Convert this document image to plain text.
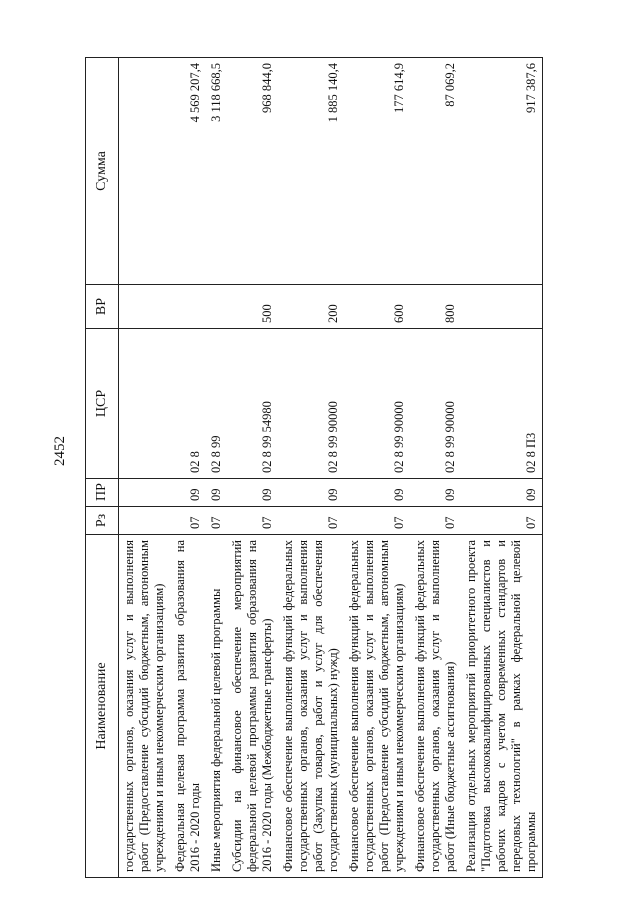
2452
Наименование	Рз	ПР	ЦСР	ВР	Сумма
государственных органов, оказания услуг и выполнения работ (Предоставление субсидий бюджетным, автономным учреждениям и иным некоммерческим организациям)					
Федеральная целевая программа развития образования на 2016 - 2020 годы	07	09	02 8		4 569 207,4
Иные мероприятия федеральной целевой программы	07	09	02 8 99		3 118 668,5
Субсидии на финансовое обеспечение мероприятий федеральной целевой программы развития образования на 2016 - 2020 годы (Межбюджетные трансферты)	07	09	02 8 99 54980	500	968 844,0
Финансовое обеспечение выполнения функций федеральных государственных органов, оказания услуг и выполнения работ (Закупка товаров, работ и услуг для обеспечения государственных (муниципальных) нужд)	07	09	02 8 99 90000	200	1 885 140,4
Финансовое обеспечение выполнения функций федеральных государственных органов, оказания услуг и выполнения работ (Предоставление субсидий бюджетным, автономным учреждениям и иным некоммерческим организациям)	07	09	02 8 99 90000	600	177 614,9
Финансовое обеспечение выполнения функций федеральных государственных органов, оказания услуг и выполнения работ (Иные бюджетные ассигнования)	07	09	02 8 99 90000	800	87 069,2
Реализация отдельных мероприятий приоритетного проекта "Подготовка высококвалифицированных специалистов и рабочих кадров с учетом современных стандартов и передовых технологий" в рамках федеральной целевой программы	07	09	02 8 П3		917 387,6
